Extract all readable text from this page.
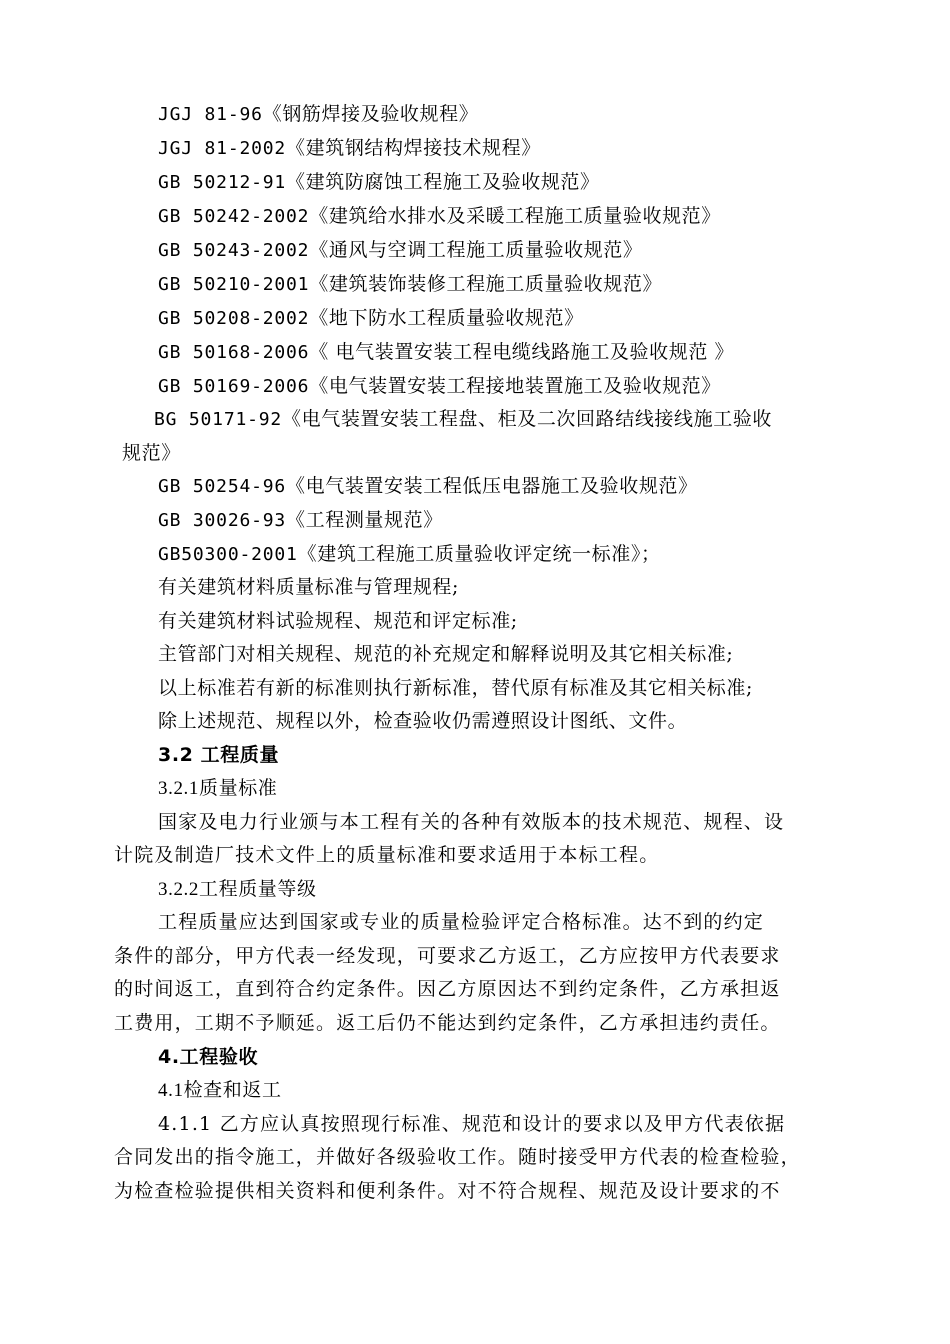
JGJ 81-96《钢筋焊接及验收规程》
JGJ 81-2002《建筑钢结构焊接技术规程》
GB 50212-91《建筑防腐蚀工程施工及验收规范》
GB 50242-2002《建筑给水排水及采暖工程施工质量验收规范》
GB 50243-2002《通风与空调工程施工质量验收规范》
GB 50210-2001《建筑装饰装修工程施工质量验收规范》
GB 50208-2002《地下防水工程质量验收规范》
GB 50168-2006《 电气装置安装工程电缆线路施工及验收规范 》
GB 50169-2006《电气装置安装工程接地装置施工及验收规范》
BG 50171-92《电气装置安装工程盘、柜及二次回路结线接线施工验收
规范》
GB 50254-96《电气装置安装工程低压电器施工及验收规范》
GB 30026-93《工程测量规范》
GB50300-2001《建筑工程施工质量验收评定统一标准》；
有关建筑材料质量标准与管理规程;
有关建筑材料试验规程、规范和评定标准;
主管部门对相关规程、规范的补充规定和解释说明及其它相关标准;
以上标准若有新的标准则执行新标准，替代原有标准及其它相关标准;
除上述规范、规程以外，检查验收仍需遵照设计图纸、文件。
3.2 工程质量
3.2.1质量标准
国家及电力行业颁与本工程有关的各种有效版本的技术规范、规程、设
计院及制造厂技术文件上的质量标准和要求适用于本标工程。
3.2.2工程质量等级
工程质量应达到国家或专业的质量检验评定合格标准。达不到的约定
条件的部分，甲方代表一经发现，可要求乙方返工，乙方应按甲方代表要求
的时间返工，直到符合约定条件。因乙方原因达不到约定条件，乙方承担返
工费用，工期不予顺延。返工后仍不能达到约定条件，乙方承担违约责任。
4.工程验收
4.1检查和返工
4.1.1 乙方应认真按照现行标准、规范和设计的要求以及甲方代表依据
合同发出的指令施工，并做好各级验收工作。随时接受甲方代表的检查检验，
为检查检验提供相关资料和便利条件。对不符合规程、规范及设计要求的不
